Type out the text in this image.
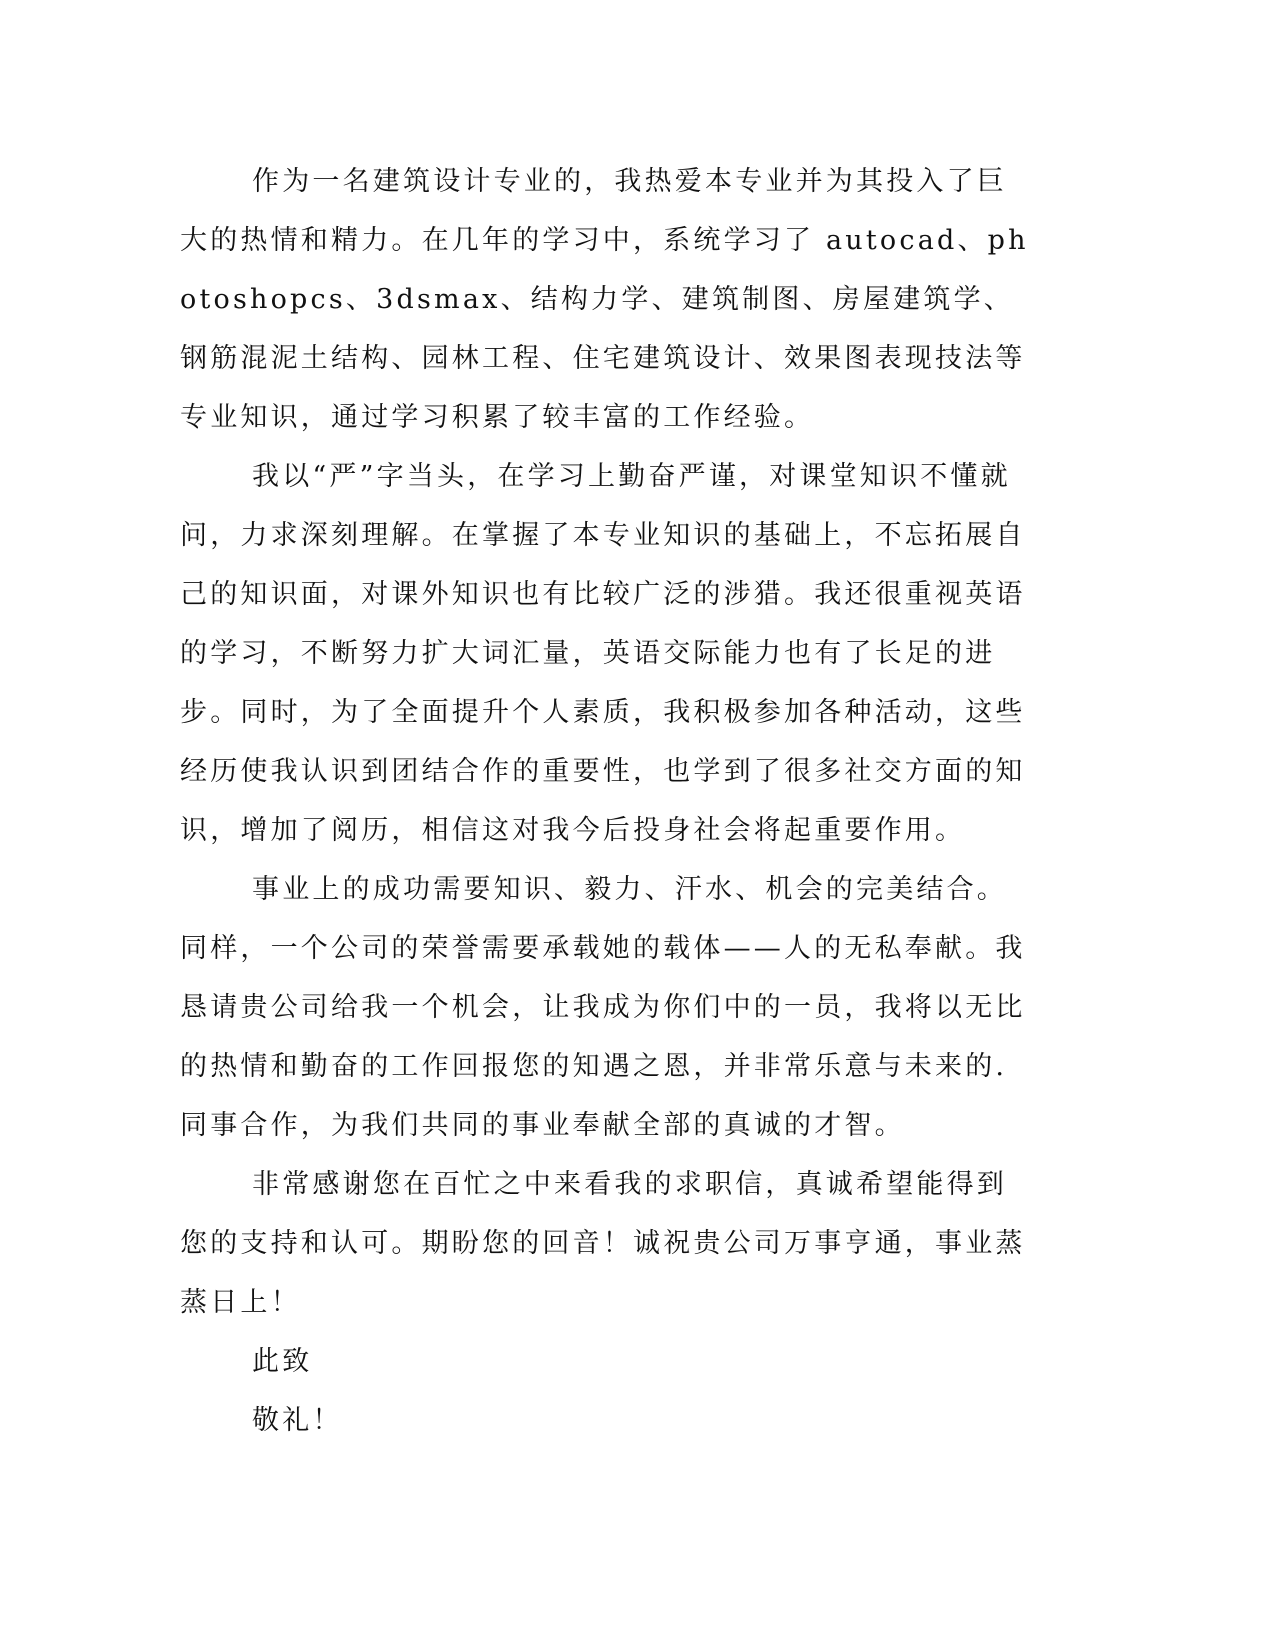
作为一名建筑设计专业的，我热爱本专业并为其投入了巨大的热情和精力。在几年的学习中，系统学习了 autocad、photoshopcs、3dsmax、结构力学、建筑制图、房屋建筑学、钢筋混泥土结构、园林工程、住宅建筑设计、效果图表现技法等专业知识，通过学习积累了较丰富的工作经验。

我以“严”字当头，在学习上勤奋严谨，对课堂知识不懂就问，力求深刻理解。在掌握了本专业知识的基础上，不忘拓展自己的知识面，对课外知识也有比较广泛的涉猎。我还很重视英语的学习，不断努力扩大词汇量，英语交际能力也有了长足的进步。同时，为了全面提升个人素质，我积极参加各种活动，这些经历使我认识到团结合作的重要性，也学到了很多社交方面的知识，增加了阅历，相信这对我今后投身社会将起重要作用。

事业上的成功需要知识、毅力、汗水、机会的完美结合。同样，一个公司的荣誉需要承载她的载体——人的无私奉献。我恳请贵公司给我一个机会，让我成为你们中的一员，我将以无比的热情和勤奋的工作回报您的知遇之恩，并非常乐意与未来的.同事合作，为我们共同的事业奉献全部的真诚的才智。

非常感谢您在百忙之中来看我的求职信，真诚希望能得到您的支持和认可。期盼您的回音！诚祝贵公司万事亨通，事业蒸蒸日上！

此致

敬礼！
